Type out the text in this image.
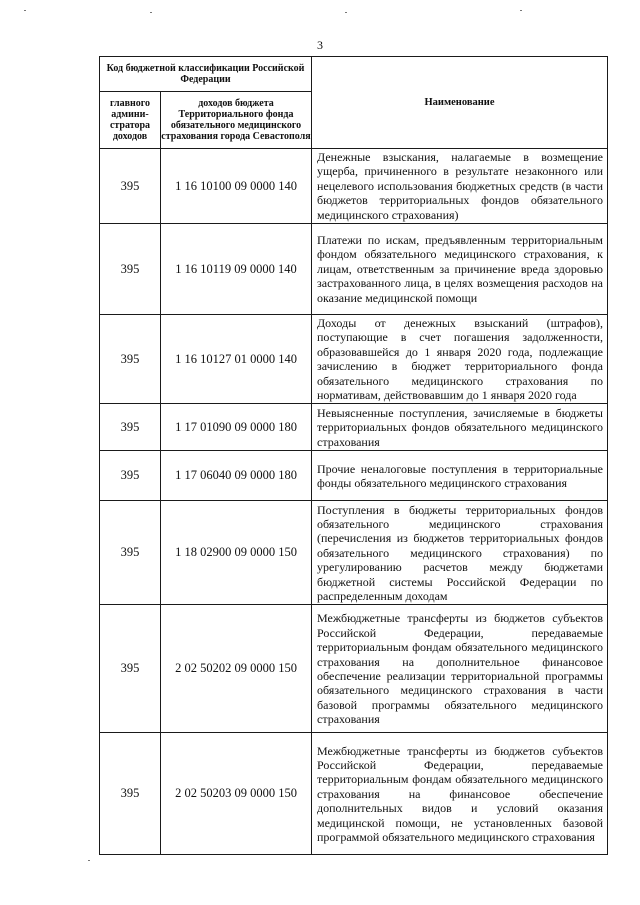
3
Код бюджетной классификации Российской Федерации		Наименование
главного админи-стратора доходов	доходов бюджета Территориального фонда обязательного медицинского страхования города Севастополя	
395	1 16 10100 09 0000 140	Денежные взыскания, налагаемые в возмещение ущерба, причиненного в результате незаконного или нецелевого использования бюджетных средств (в части бюджетов территориальных фондов обязательного медицинского страхования)
395	1 16 10119 09 0000 140	Платежи по искам, предъявленным территориальным фондом обязательного медицинского страхования, к лицам, ответственным за причинение вреда здоровью застрахованного лица, в целях возмещения расходов на оказание медицинской помощи
395	1 16 10127 01 0000 140	Доходы от денежных взысканий (штрафов), поступающие в счет погашения задолженности, образовавшейся до 1 января 2020 года, подлежащие зачислению в бюджет территориального фонда обязательного медицинского страхования по нормативам, действовавшим до 1 января 2020 года
395	1 17 01090 09 0000 180	Невыясненные поступления, зачисляемые в бюджеты территориальных фондов обязательного медицинского страхования
395	1 17 06040 09 0000 180	Прочие неналоговые поступления в территориальные фонды обязательного медицинского страхования
395	1 18 02900 09 0000 150	Поступления в бюджеты территориальных фондов обязательного медицинского страхования (перечисления из бюджетов территориальных фондов обязательного медицинского страхования) по урегулированию расчетов между бюджетами бюджетной системы Российской Федерации по распределенным доходам
395	2 02 50202 09 0000 150	Межбюджетные трансферты из бюджетов субъектов Российской Федерации, передаваемые территориальным фондам обязательного медицинского страхования на дополнительное финансовое обеспечение реализации территориальной программы обязательного медицинского страхования в части базовой программы обязательного медицинского страхования
395	2 02 50203 09 0000 150	Межбюджетные трансферты из бюджетов субъектов Российской Федерации, передаваемые территориальным фондам обязательного медицинского страхования на финансовое обеспечение дополнительных видов и условий оказания медицинской помощи, не установленных базовой программой обязательного медицинского страхования
